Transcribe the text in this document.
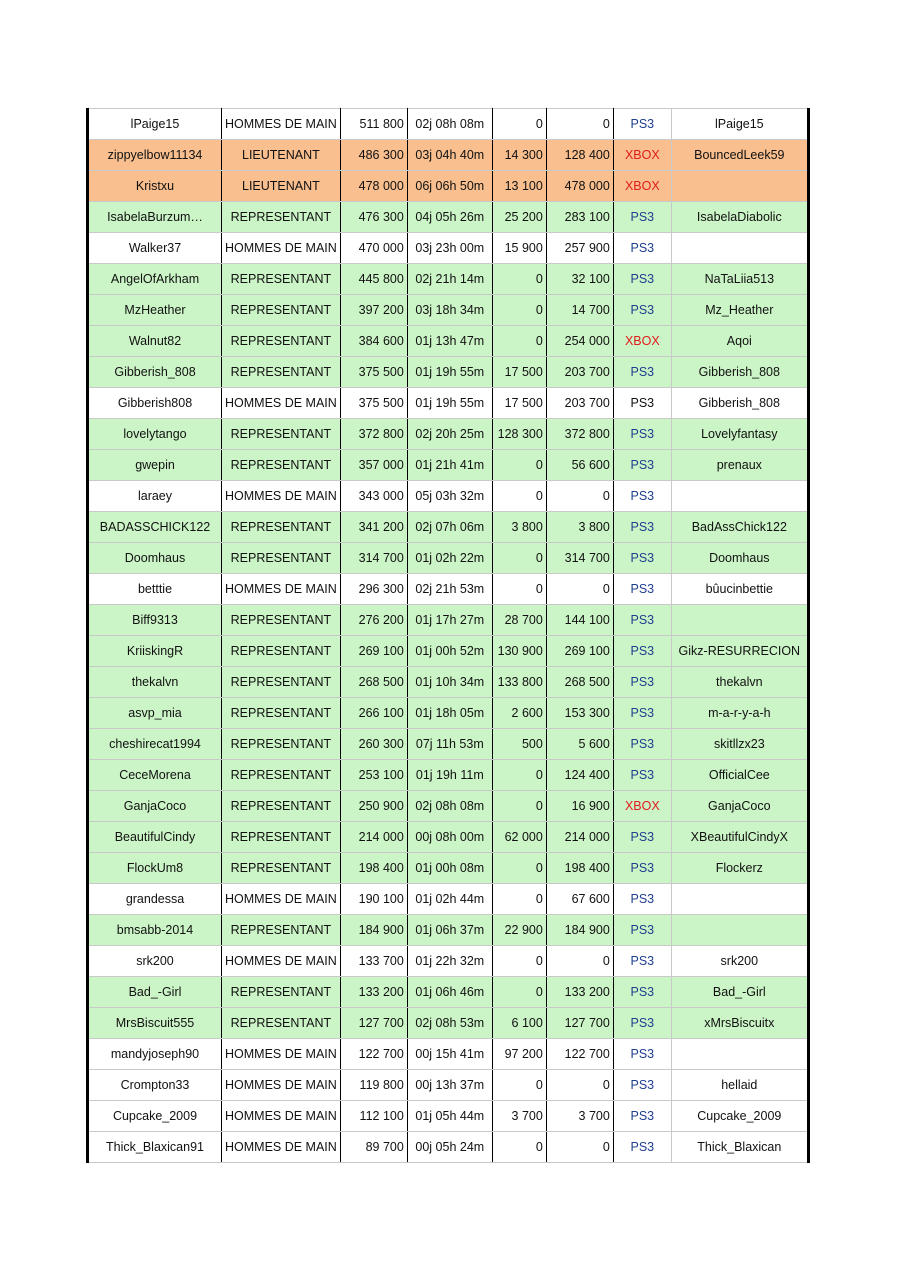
lPaige15	HOMMES DE MAIN	511 800	02j 08h 08m	0	0	PS3	lPaige15
zippyelbow11134	LIEUTENANT	486 300	03j 04h 40m	14 300	128 400	XBOX	BouncedLeek59
Kristxu	LIEUTENANT	478 000	06j 06h 50m	13 100	478 000	XBOX	
IsabelaBurzum…	REPRESENTANT	476 300	04j 05h 26m	25 200	283 100	PS3	IsabelaDiabolic
Walker37	HOMMES DE MAIN	470 000	03j 23h 00m	15 900	257 900	PS3	
AngelOfArkham	REPRESENTANT	445 800	02j 21h 14m	0	32 100	PS3	NaTaLiia513
MzHeather	REPRESENTANT	397 200	03j 18h 34m	0	14 700	PS3	Mz_Heather
Walnut82	REPRESENTANT	384 600	01j 13h 47m	0	254 000	XBOX	Aqoi
Gibberish_808	REPRESENTANT	375 500	01j 19h 55m	17 500	203 700	PS3	Gibberish_808
Gibberish808	HOMMES DE MAIN	375 500	01j 19h 55m	17 500	203 700	PS3	Gibberish_808
lovelytango	REPRESENTANT	372 800	02j 20h 25m	128 300	372 800	PS3	Lovelyfantasy
gwepin	REPRESENTANT	357 000	01j 21h 41m	0	56 600	PS3	prenaux
laraey	HOMMES DE MAIN	343 000	05j 03h 32m	0	0	PS3	
BADASSCHICK122	REPRESENTANT	341 200	02j 07h 06m	3 800	3 800	PS3	BadAssChick122
Doomhaus	REPRESENTANT	314 700	01j 02h 22m	0	314 700	PS3	Doomhaus
betttie	HOMMES DE MAIN	296 300	02j 21h 53m	0	0	PS3	bûucinbettie
Biff9313	REPRESENTANT	276 200	01j 17h 27m	28 700	144 100	PS3	
KriiskingR	REPRESENTANT	269 100	01j 00h 52m	130 900	269 100	PS3	Gikz-RESURRECION
thekalvn	REPRESENTANT	268 500	01j 10h 34m	133 800	268 500	PS3	thekalvn
asvp_mia	REPRESENTANT	266 100	01j 18h 05m	2 600	153 300	PS3	m-a-r-y-a-h
cheshirecat1994	REPRESENTANT	260 300	07j 11h 53m	500	5 600	PS3	skitllzx23
CeceMorena	REPRESENTANT	253 100	01j 19h 11m	0	124 400	PS3	OfficialCee
GanjaCoco	REPRESENTANT	250 900	02j 08h 08m	0	16 900	XBOX	GanjaCoco
BeautifulCindy	REPRESENTANT	214 000	00j 08h 00m	62 000	214 000	PS3	XBeautifulCindyX
FlockUm8	REPRESENTANT	198 400	01j 00h 08m	0	198 400	PS3	Flockerz
grandessa	HOMMES DE MAIN	190 100	01j 02h 44m	0	67 600	PS3	
bmsabb-2014	REPRESENTANT	184 900	01j 06h 37m	22 900	184 900	PS3	
srk200	HOMMES DE MAIN	133 700	01j 22h 32m	0	0	PS3	srk200
Bad_-Girl	REPRESENTANT	133 200	01j 06h 46m	0	133 200	PS3	Bad_-Girl
MrsBiscuit555	REPRESENTANT	127 700	02j 08h 53m	6 100	127 700	PS3	xMrsBiscuitx
mandyjoseph90	HOMMES DE MAIN	122 700	00j 15h 41m	97 200	122 700	PS3	
Crompton33	HOMMES DE MAIN	119 800	00j 13h 37m	0	0	PS3	hellaid
Cupcake_2009	HOMMES DE MAIN	112 100	01j 05h 44m	3 700	3 700	PS3	Cupcake_2009
Thick_Blaxican91	HOMMES DE MAIN	89 700	00j 05h 24m	0	0	PS3	Thick_Blaxican
